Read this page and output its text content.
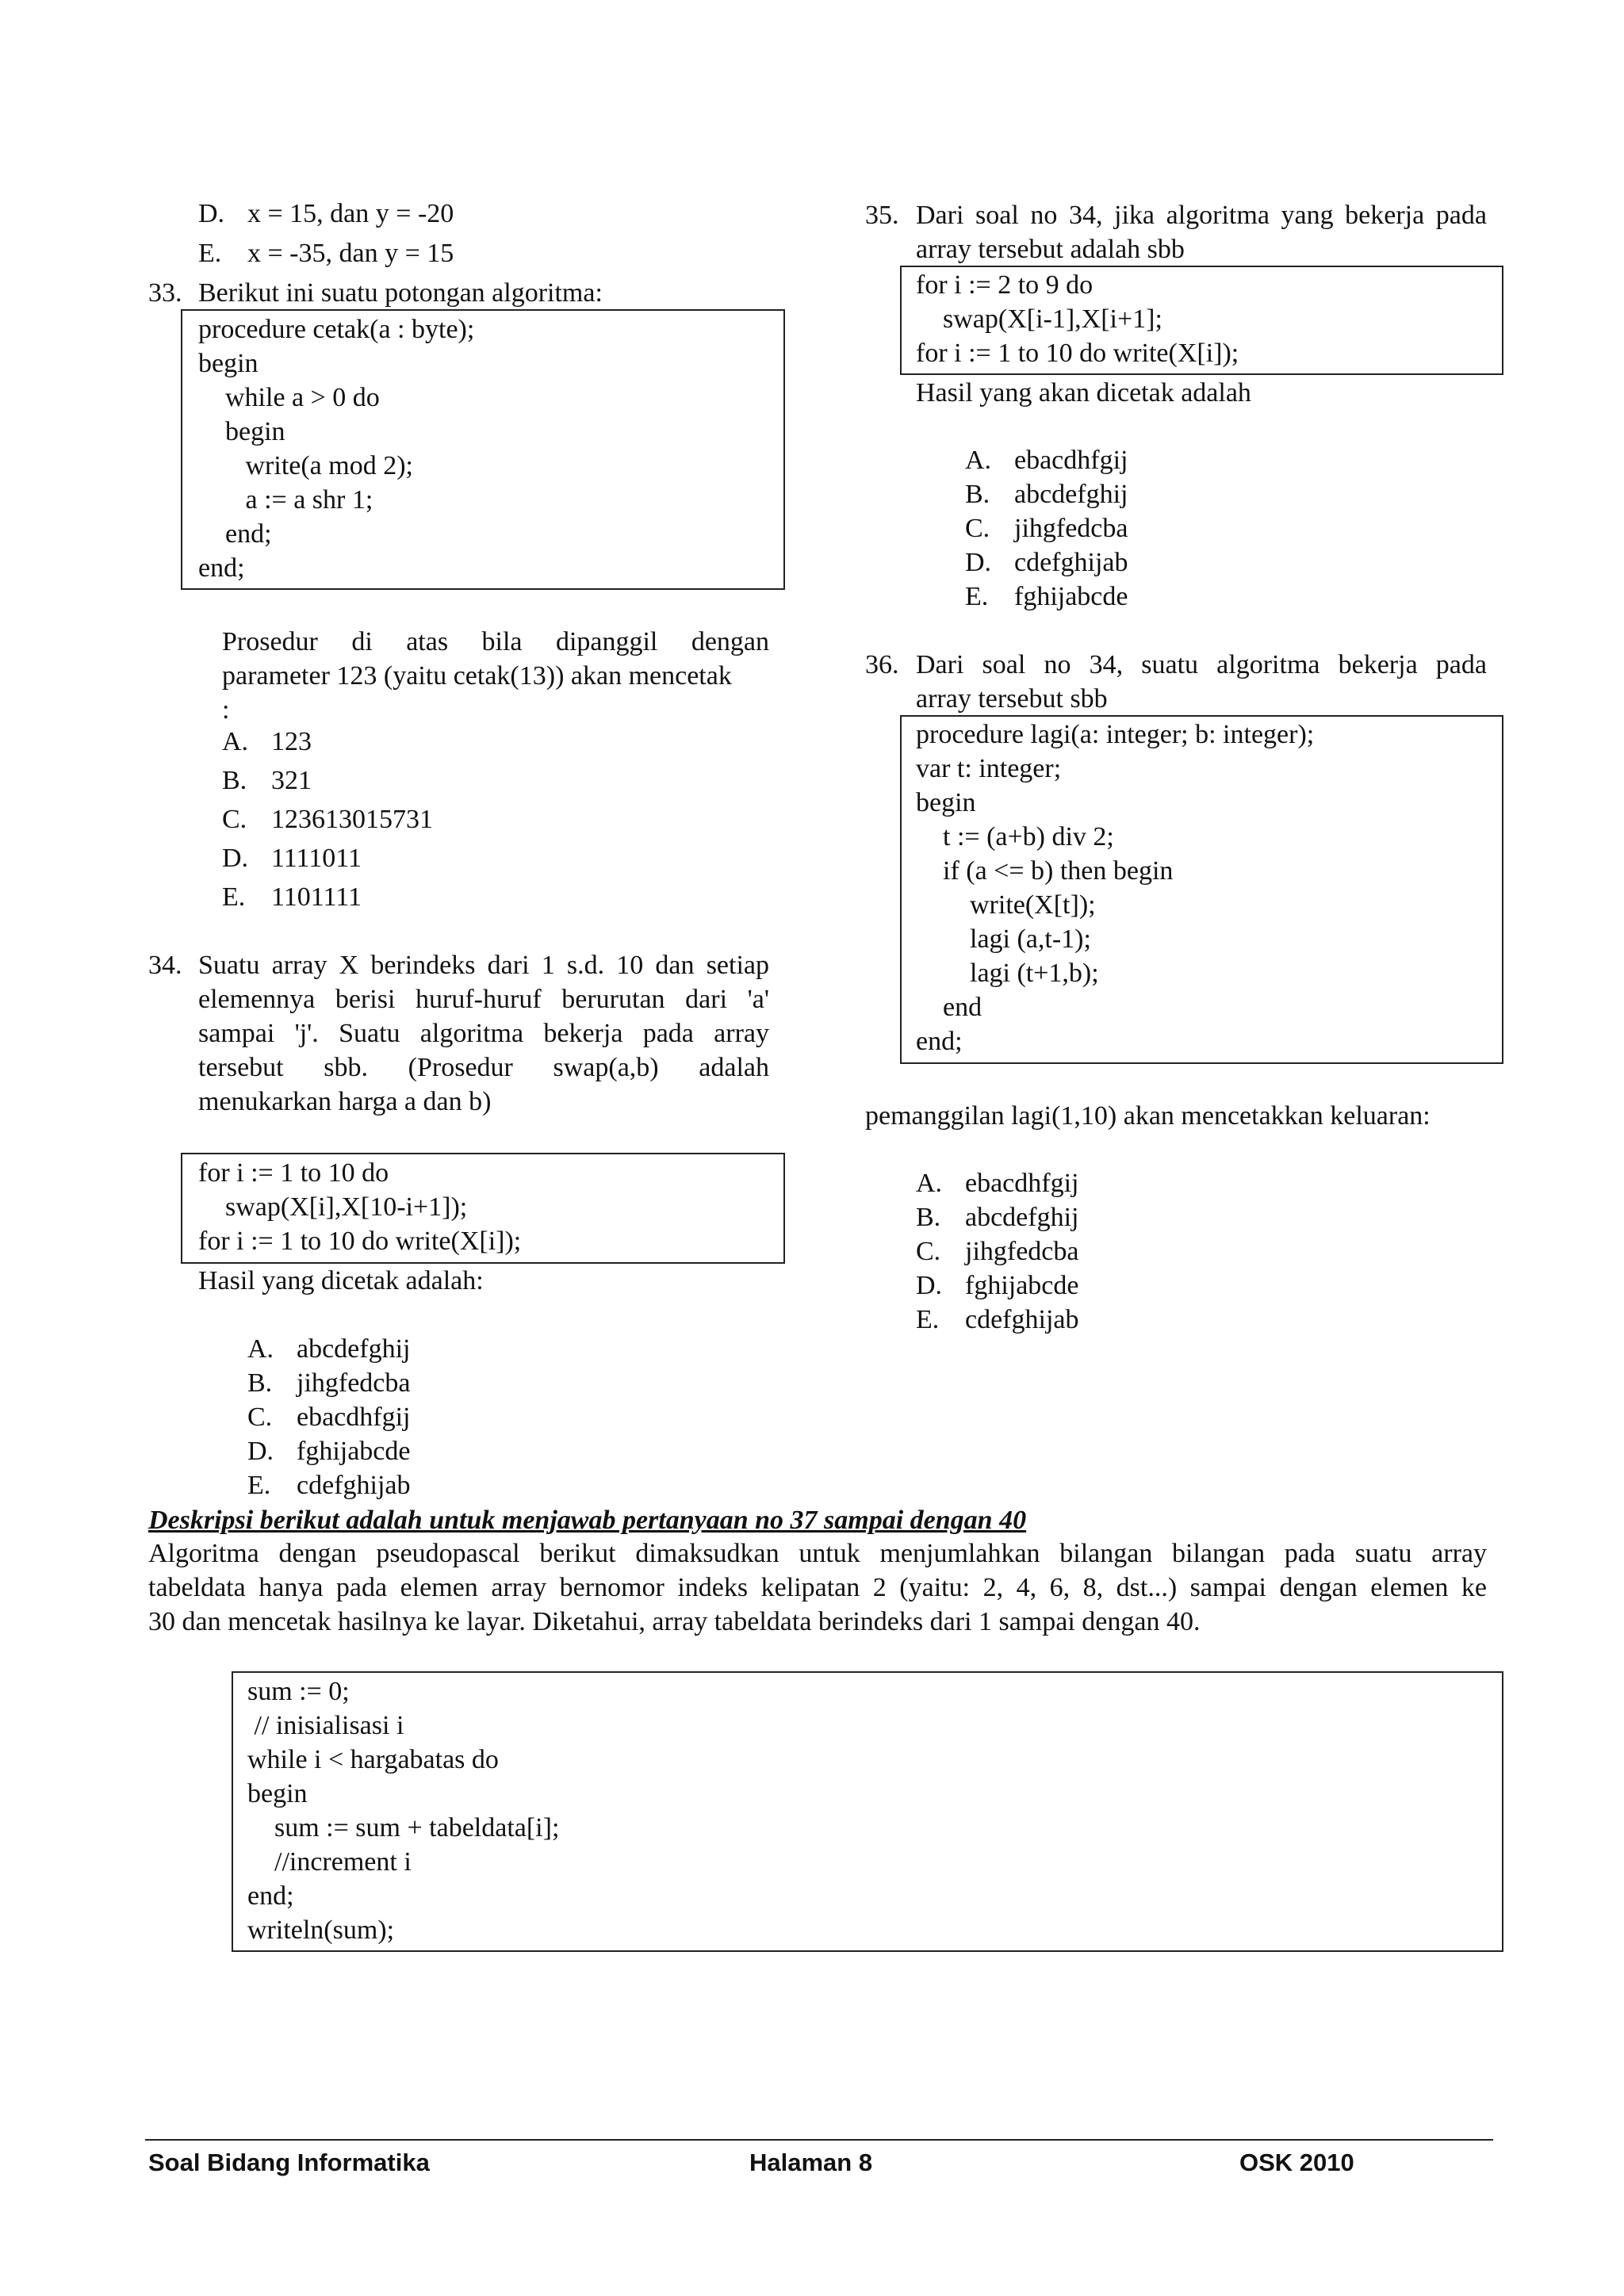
D. x = 15, dan y = -20
E. x = -35, dan y = 15
33. Berikut ini suatu potongan algoritma:
procedure cetak(a : byte);
begin
while a > 0 do
begin
write(a mod 2);
a := a shr 1;
end;
end;
Prosedur di atas bila dipanggil dengan
parameter 123 (yaitu cetak(13)) akan mencetak
:
A. 123
B. 321
C. 123613015731
D. 1111011
E. 1101111
34. Suatu array X berindeks dari 1 s.d. 10 dan setiap
elemennya berisi huruf-huruf berurutan dari 'a'
sampai 'j'. Suatu algoritma bekerja pada array
tersebut sbb. (Prosedur swap(a,b) adalah
menukarkan harga a dan b)
for i := 1 to 10 do
swap(X[i],X[10-i+1]);
for i := 1 to 10 do write(X[i]);
Hasil yang dicetak adalah:
A. abcdefghij
B. jihgfedcba
C. ebacdhfgij
D. fghijabcde
E. cdefghijab
35. Dari soal no 34, jika algoritma yang bekerja pada
array tersebut adalah sbb
for i := 2 to 9 do
swap(X[i-1],X[i+1];
for i := 1 to 10 do write(X[i]);
Hasil yang akan dicetak adalah
A. ebacdhfgij
B. abcdefghij
C. jihgfedcba
D. cdefghijab
E. fghijabcde
36. Dari soal no 34, suatu algoritma bekerja pada
array tersebut sbb
procedure lagi(a: integer; b: integer);
var t: integer;
begin
t := (a+b) div 2;
if (a <= b) then begin
write(X[t]);
lagi (a,t-1);
lagi (t+1,b);
end
end;
pemanggilan lagi(1,10) akan mencetakkan keluaran:
A. ebacdhfgij
B. abcdefghij
C. jihgfedcba
D. fghijabcde
E. cdefghijab
Deskripsi berikut adalah untuk menjawab pertanyaan no 37 sampai dengan 40
Algoritma dengan pseudopascal berikut dimaksudkan untuk menjumlahkan bilangan bilangan pada suatu array
tabeldata hanya pada elemen array bernomor indeks kelipatan 2 (yaitu: 2, 4, 6, 8, dst...) sampai dengan elemen ke
30 dan mencetak hasilnya ke layar. Diketahui, array tabeldata berindeks dari 1 sampai dengan 40.
sum := 0;
// inisialisasi i
while i < hargabatas do
begin
sum := sum + tabeldata[i];
//increment i
end;
writeln(sum);
Soal Bidang Informatika	Halaman 8	OSK 2010
